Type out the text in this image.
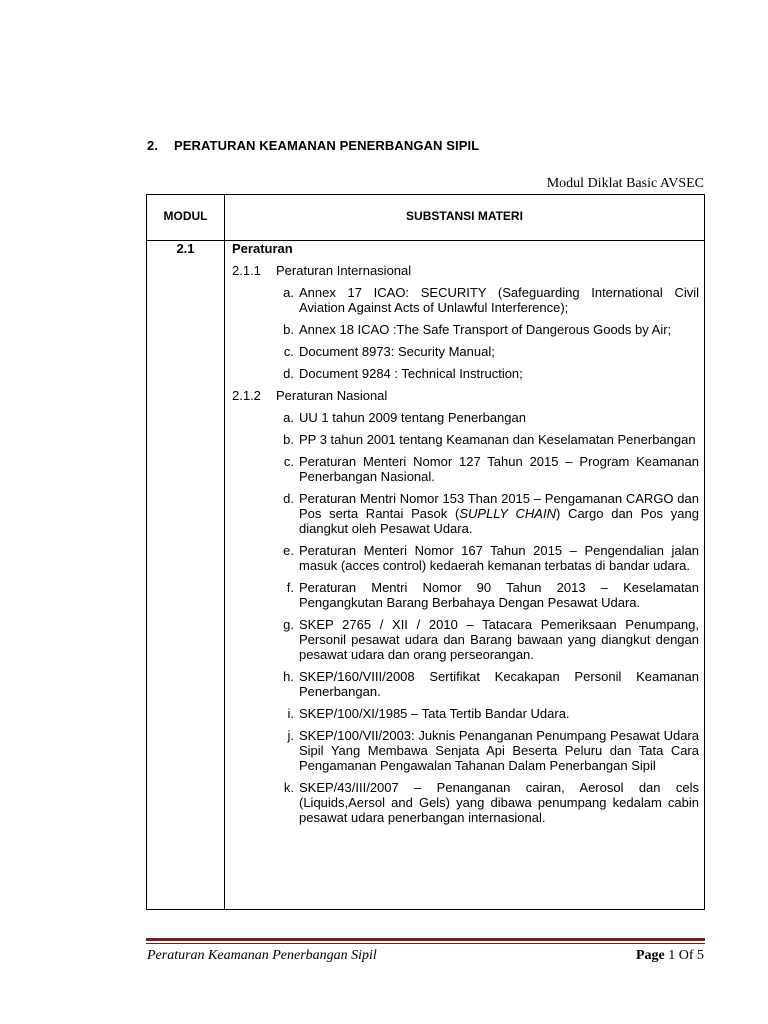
2. PERATURAN KEAMANAN PENERBANGAN SIPIL
Modul Diklat Basic AVSEC
MODUL	SUBSTANSI MATERI
2.1	Peraturan
2.1.1 Peraturan Internasional
a. Annex 17 ICAO: SECURITY (Safeguarding International Civil Aviation Against Acts of Unlawful Interference);
b. Annex 18 ICAO :The Safe Transport of Dangerous Goods by Air;
c. Document 8973: Security Manual;
d. Document 9284 : Technical Instruction;
2.1.2 Peraturan Nasional
a. UU 1 tahun 2009 tentang Penerbangan
b. PP 3 tahun 2001 tentang Keamanan dan Keselamatan Penerbangan
c. Peraturan Menteri Nomor 127 Tahun 2015 – Program Keamanan Penerbangan Nasional.
d. Peraturan Mentri Nomor 153 Than 2015 – Pengamanan CARGO dan Pos serta Rantai Pasok (SUPLLY CHAIN) Cargo dan Pos yang diangkut oleh Pesawat Udara.
e. Peraturan Menteri Nomor 167 Tahun 2015 – Pengendalian jalan masuk (acces control) kedaerah kemanan terbatas di bandar udara.
f. Peraturan Mentri Nomor 90 Tahun 2013 – Keselamatan Pengangkutan Barang Berbahaya Dengan Pesawat Udara.
g. SKEP 2765 / XII / 2010 – Tatacara Pemeriksaan Penumpang, Personil pesawat udara dan Barang bawaan yang diangkut dengan pesawat udara dan orang perseorangan.
h. SKEP/160/VIII/2008 Sertifikat Kecakapan Personil Keamanan Penerbangan.
i. SKEP/100/XI/1985 – Tata Tertib Bandar Udara.
j. SKEP/100/VII/2003: Juknis Penanganan Penumpang Pesawat Udara Sipil Yang Membawa Senjata Api Beserta Peluru dan Tata Cara Pengamanan Pengawalan Tahanan Dalam Penerbangan Sipil
k. SKEP/43/III/2007 – Penanganan cairan, Aerosol dan cels (Liquids,Aersol and Gels) yang dibawa penumpang kedalam cabin pesawat udara penerbangan internasional.
Peraturan Keamanan Penerbangan Sipil	Page 1 Of 5
